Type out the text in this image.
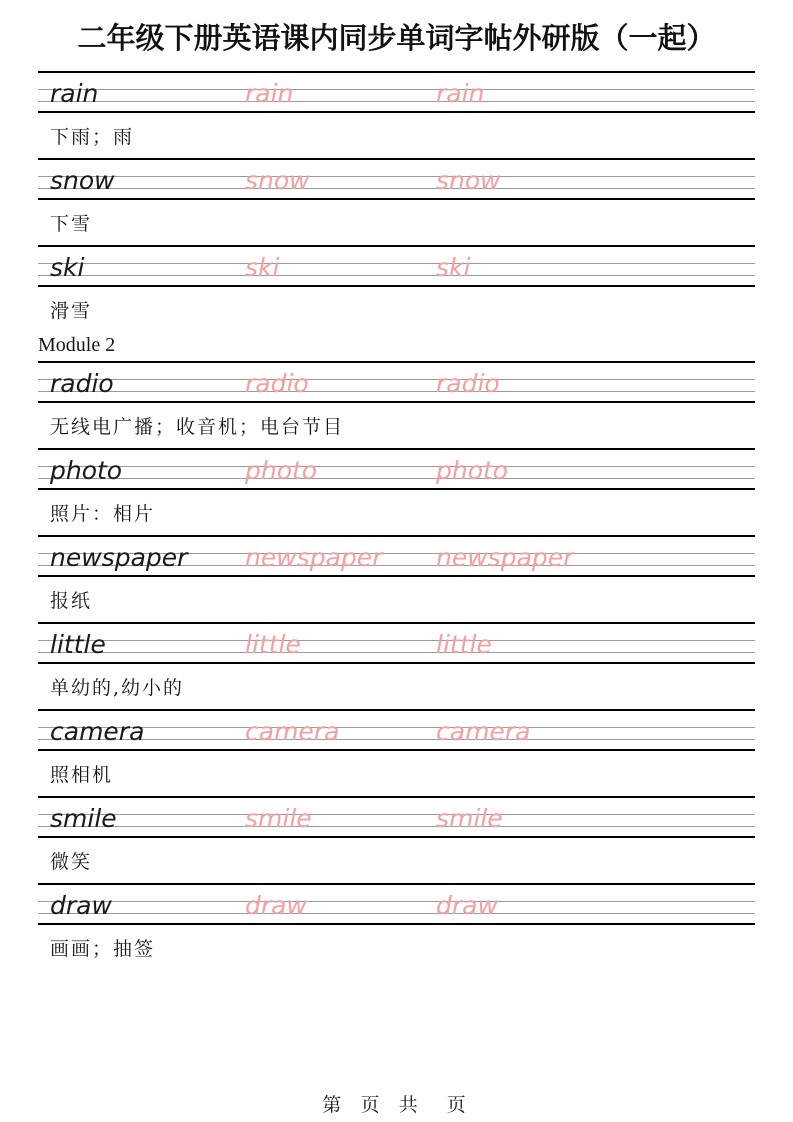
二年级下册英语课内同步单词字帖外研版（一起）
rain	rain	rain

下雨；雨

snow	snow	snow

下雪

ski	ski	ski

滑雪

Module 2
radio	radio	radio

无线电广播；收音机；电台节目

photo	photo	photo

照片：相片

newspaper newspaper newspaper

报纸

little	little	little

单幼的,幼小的

camera	camera	camera

照相机

smile	smile	smile

微笑

draw	draw	draw

画画；抽签

第 页 共　页
